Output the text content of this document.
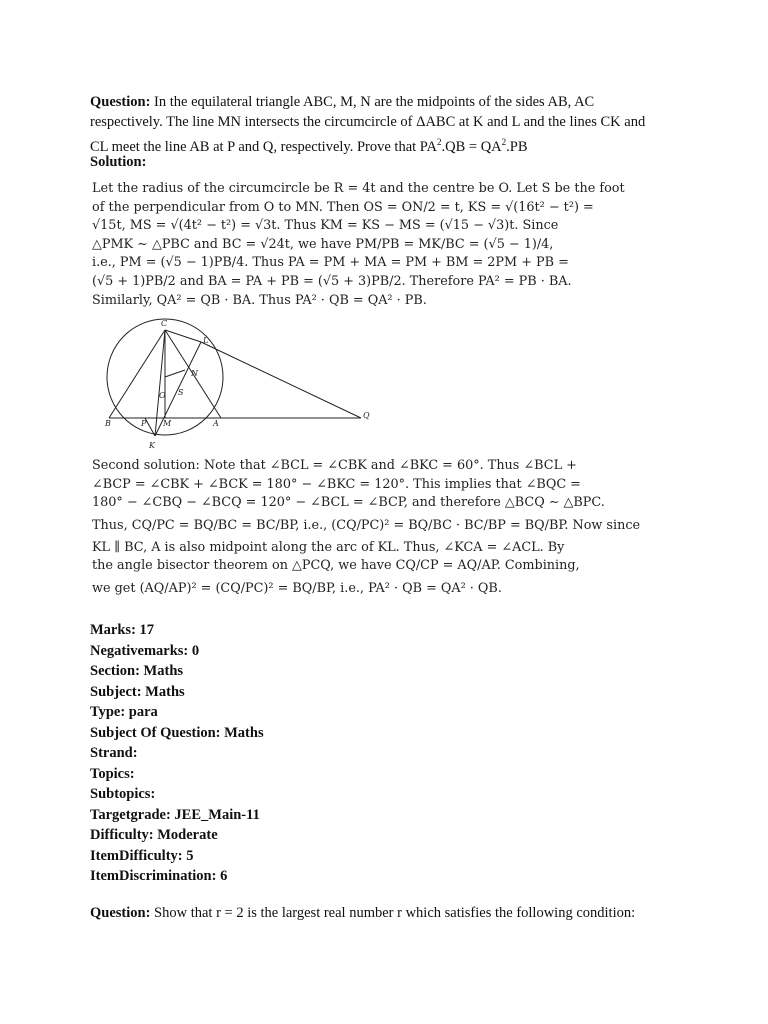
Question: In the equilateral triangle ABC, M, N are the midpoints of the sides AB, AC
respectively. The line MN intersects the circumcircle of ΔABC at K and L and the lines CK and
CL meet the line AB at P and Q, respectively. Prove that $PA^2.QB = QA^2.PB$
Solution:

Let the radius of the circumcircle be R = 4t and the centre be O. Let S be the foot

of the perpendicular from O to MN. Then OS = ON/2 = t, KS = √(16t² − t²) =

√15t, MS = √(4t² − t²) = √3t. Thus KM = KS − MS = (√15 − √3)t. Since

△PMK ∼ △PBC and BC = √24t, we have PM/PB = MK/BC = (√5 − 1)/4,

i.e., PM = (√5 − 1)PB/4. Thus PA = PM + MA = PM + BM = 2PM + PB =

(√5 + 1)PB/2 and BA = PA + PB = (√5 + 3)PB/2. Therefore PA² = PB · BA.

Similarly, QA² = QB · BA. Thus PA² · QB = QA² · PB.

C
L
N
O S
B	P M	A
Q
K

Second solution: Note that ∠BCL = ∠CBK and ∠BKC = 60°. Thus ∠BCL +

∠BCP = ∠CBK + ∠BCK = 180° − ∠BKC = 120°. This implies that ∠BQC =

180° − ∠CBQ − ∠BCQ = 120° − ∠BCL = ∠BCP, and therefore △BCQ ∼ △BPC.

Thus, CQ/PC = BQ/BC = BC/BP, i.e., (CQ/PC)² = BQ/BC · BC/BP = BQ/BP. Now since

KL ∥ BC, A is also midpoint along the arc of KL. Thus, ∠KCA = ∠ACL. By

the angle bisector theorem on △PCQ, we have CQ/CP = AQ/AP. Combining,

we get (AQ/AP)² = (CQ/PC)² = BQ/BP, i.e., PA² · QB = QA² · QB.

Marks: 17
Negativemarks: 0
Section: Maths
Subject: Maths
Type: para
Subject Of Question: Maths
Strand:
Topics:
Subtopics:
Targetgrade: JEE_Main-11
Difficulty: Moderate
ItemDifficulty: 5
ItemDiscrimination: 6
Question: Show that r = 2 is the largest real number r which satisfies the following condition:
